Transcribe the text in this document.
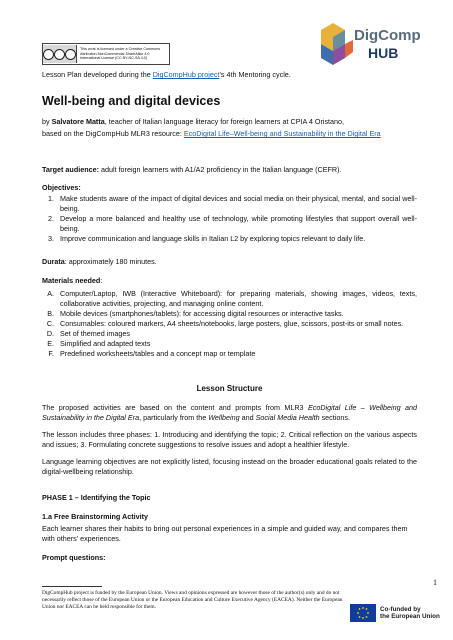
This work is licensed under a Creative Commons Attribution-NonCommercial-ShareAlike 4.0 International License (CC BY-NC-SA 4.0)
DigComp
HUB
Lesson Plan developed during the DigCompHub project’s 4th Mentoring cycle.
Well-being and digital devices
by Salvatore Matta, teacher of Italian language literacy for foreign learners at CPIA 4 Oristano,
based on the DigCompHub MLR3 resource: EcoDigital Life–Well-being and Sustainability in the Digital Era
Target audience: adult foreign learners with A1/A2 proficiency in the Italian language (CEFR).
Objectives:
1. Make students aware of the impact of digital devices and social media on their physical, mental, and social well-being.
2. Develop a more balanced and healthy use of technology, while promoting lifestyles that support overall well-being.
3. Improve communication and language skills in Italian L2 by exploring topics relevant to daily life.
Durata: approximately 180 minutes.
Materials needed:
A. Computer/Laptop, IWB (Interactive Whiteboard): for preparing materials, showing images, videos, texts, collaborative activities, projecting, and managing online content.
B. Mobile devices (smartphones/tablets): for accessing digital resources or interactive tasks.
C. Consumables: coloured markers, A4 sheets/notebooks, large posters, glue, scissors, post-its or small notes.
D. Set of themed images
E. Simplified and adapted texts
F. Predefined worksheets/tables and a concept map or template
Lesson Structure
The proposed activities are based on the content and prompts from MLR3 EcoDigital Life – Wellbeing and Sustainability in the Digital Era, particularly from the Wellbeing and Social Media Health sections.
The lesson includes three phases: 1. Introducing and identifying the topic; 2. Critical reflection on the various aspects and issues; 3. Formulating concrete suggestions to resolve issues and adopt a healthier lifestyle.
Language learning objectives are not explicitly listed, focusing instead on the broader educational goals related to the digital-wellbeing relationship.
PHASE 1 – Identifying the Topic
1.a Free Brainstorming Activity
Each learner shares their habits to bring out personal experiences in a simple and guided way, and compares them with others’ experiences.
Prompt questions:
1
DigCompHub project is funded by the European Union. Views and opinions expressed are however those of the author(s) only and do not necessarily reflect those of the European Union or the European Education and Culture Executive Agency (EACEA). Neither the European Union nor EACEA can be held responsible for them.	Co-funded by
the European Union
